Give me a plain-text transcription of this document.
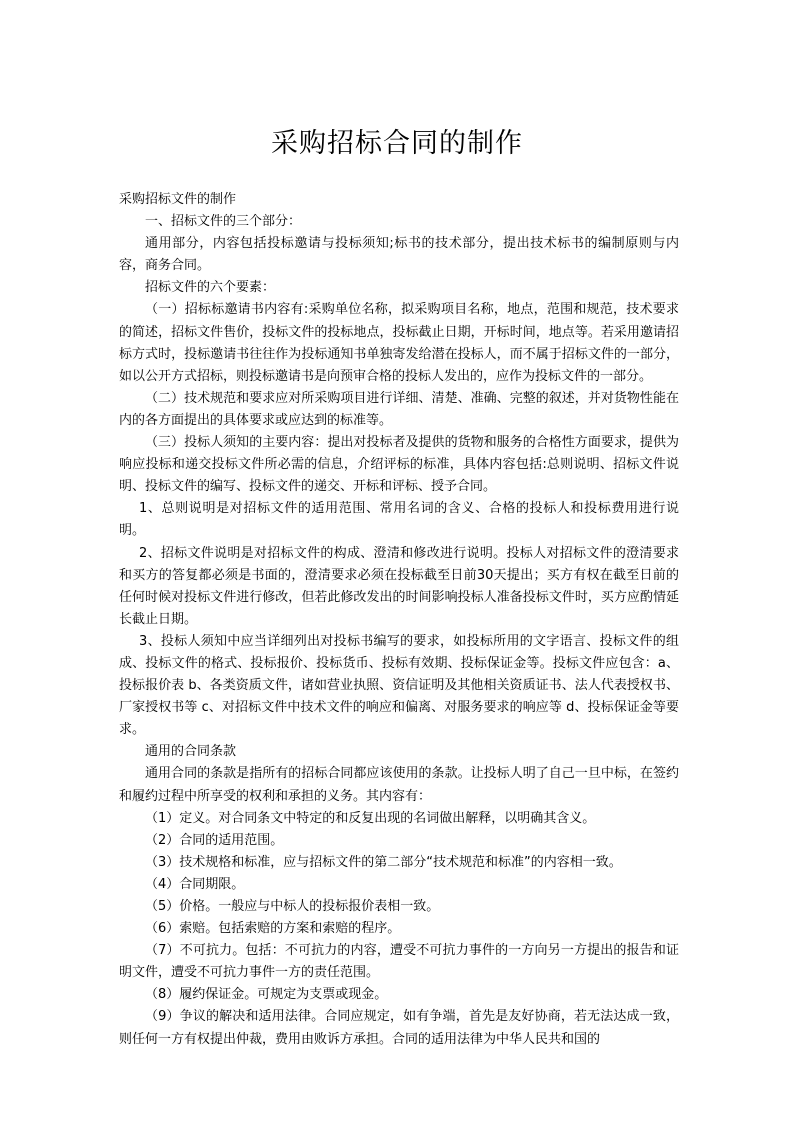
采购招标合同的制作

采购招标文件的制作

一、招标文件的三个部分：

通用部分，内容包括投标邀请与投标须知;标书的技术部分，提出技术标书的编制原则与内容，商务合同。

招标文件的六个要素：

（一）招标标邀请书内容有:采购单位名称，拟采购项目名称，地点，范围和规范，技术要求的简述，招标文件售价，投标文件的投标地点，投标截止日期，开标时间，地点等。若采用邀请招标方式时，投标邀请书往往作为投标通知书单独寄发给潜在投标人，而不属于招标文件的一部分，如以公开方式招标，则投标邀请书是向预审合格的投标人发出的，应作为投标文件的一部分。

（二）技术规范和要求应对所采购项目进行详细、清楚、准确、完整的叙述，并对货物性能在内的各方面提出的具体要求或应达到的标准等。

（三）投标人须知的主要内容：提出对投标者及提供的货物和服务的合格性方面要求，提供为响应投标和递交投标文件所必需的信息，介绍评标的标准，具体内容包括:总则说明、招标文件说明、投标文件的编写、投标文件的递交、开标和评标、授予合同。

1、总则说明是对招标文件的适用范围、常用名词的含义、合格的投标人和投标费用进行说明。

2、招标文件说明是对招标文件的构成、澄清和修改进行说明。投标人对招标文件的澄清要求和买方的答复都必须是书面的，澄清要求必须在投标截至日前30天提出；买方有权在截至日前的任何时候对投标文件进行修改，但若此修改发出的时间影响投标人准备投标文件时，买方应酌情延长截止日期。

3、投标人须知中应当详细列出对投标书编写的要求，如投标所用的文字语言、投标文件的组成、投标文件的格式、投标报价、投标货币、投标有效期、投标保证金等。投标文件应包含：a、投标报价表 b、各类资质文件，诸如营业执照、资信证明及其他相关资质证书、法人代表授权书、厂家授权书等 c、对招标文件中技术文件的响应和偏离、对服务要求的响应等 d、投标保证金等要求。

通用的合同条款

通用合同的条款是指所有的招标合同都应该使用的条款。让投标人明了自己一旦中标，在签约和履约过程中所享受的权利和承担的义务。其内容有：

（1）定义。对合同条文中特定的和反复出现的名词做出解释，以明确其含义。

（2）合同的适用范围。

（3）技术规格和标准，应与招标文件的第二部分“技术规范和标准”的内容相一致。

（4）合同期限。

（5）价格。一般应与中标人的投标报价表相一致。

（6）索赔。包括索赔的方案和索赔的程序。

（7）不可抗力。包括：不可抗力的内容，遭受不可抗力事件的一方向另一方提出的报告和证明文件，遭受不可抗力事件一方的责任范围。

（8）履约保证金。可规定为支票或现金。

（9）争议的解决和适用法律。合同应规定，如有争端，首先是友好协商，若无法达成一致，则任何一方有权提出仲裁，费用由败诉方承担。合同的适用法律为中华人民共和国的
